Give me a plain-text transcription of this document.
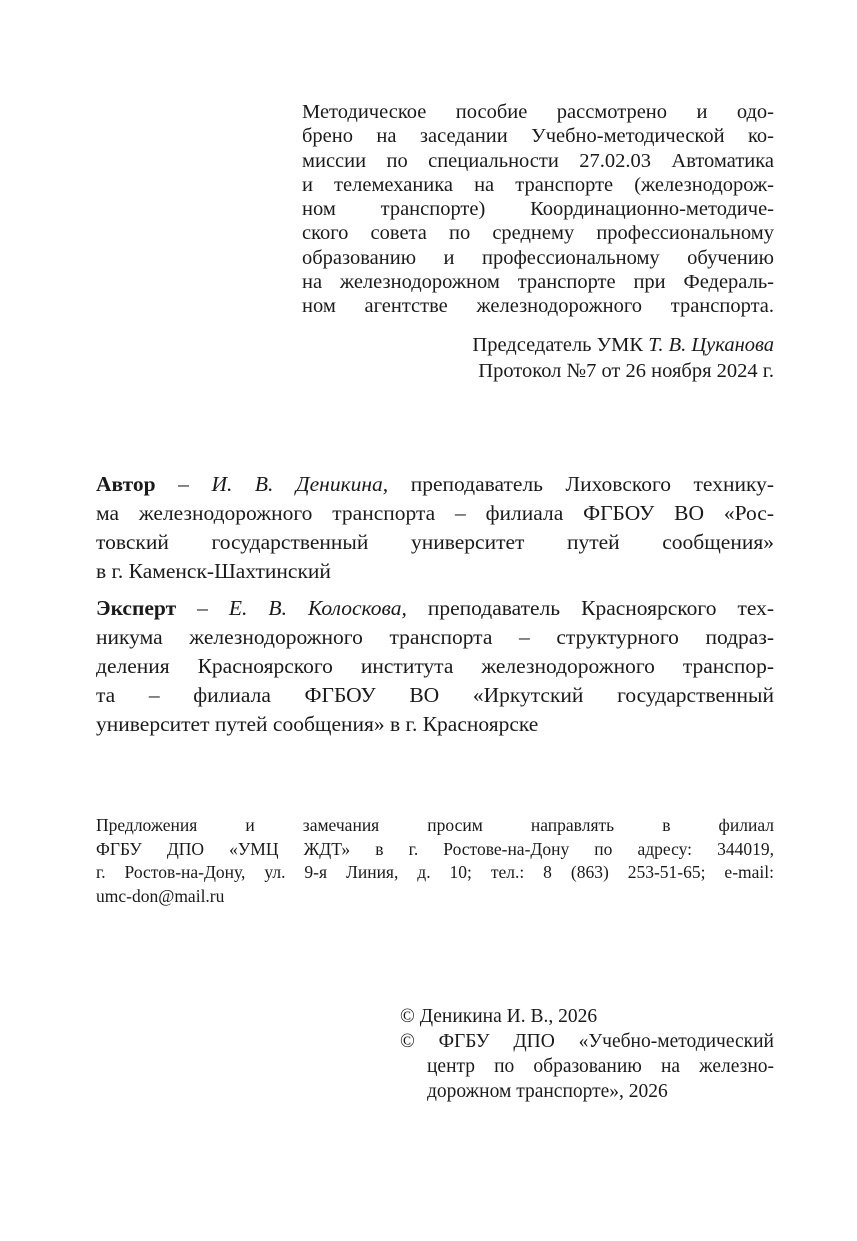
Методическое пособие рассмотрено и одо-
брено на заседании Учебно-методической ко-
миссии по специальности 27.02.03 Автоматика
и телемеханика на транспорте (железнодорож-
ном транспорте) Координационно-методиче-
ского совета по среднему профессиональному
образованию и профессиональному обучению
на железнодорожном транспорте при Федераль-
ном агентстве железнодорожного транспорта.
Председатель УМК Т. В. Цуканова
Протокол №7 от 26 ноября 2024 г.
Автор – И. В. Деникина, преподаватель Лиховского технику-
ма железнодорожного транспорта – филиала ФГБОУ ВО «Рос-
товский государственный университет путей сообщения»
в г. Каменск-Шахтинский
Эксперт – Е. В. Колоскова, преподаватель Красноярского тех-
никума железнодорожного транспорта – структурного подраз-
деления Красноярского института железнодорожного транспор-
та – филиала ФГБОУ ВО «Иркутский государственный
университет путей сообщения» в г. Красноярске
Предложения и замечания просим направлять в филиал
ФГБУ ДПО «УМЦ ЖДТ» в г. Ростове-на-Дону по адресу: 344019,
г. Ростов-на-Дону, ул. 9-я Линия, д. 10; тел.: 8 (863) 253-51-65; e-mail:
umc-don@mail.ru
© Деникина И. В., 2026
© ФГБУ ДПО «Учебно-методический
центр по образованию на железно-
дорожном транспорте», 2026
